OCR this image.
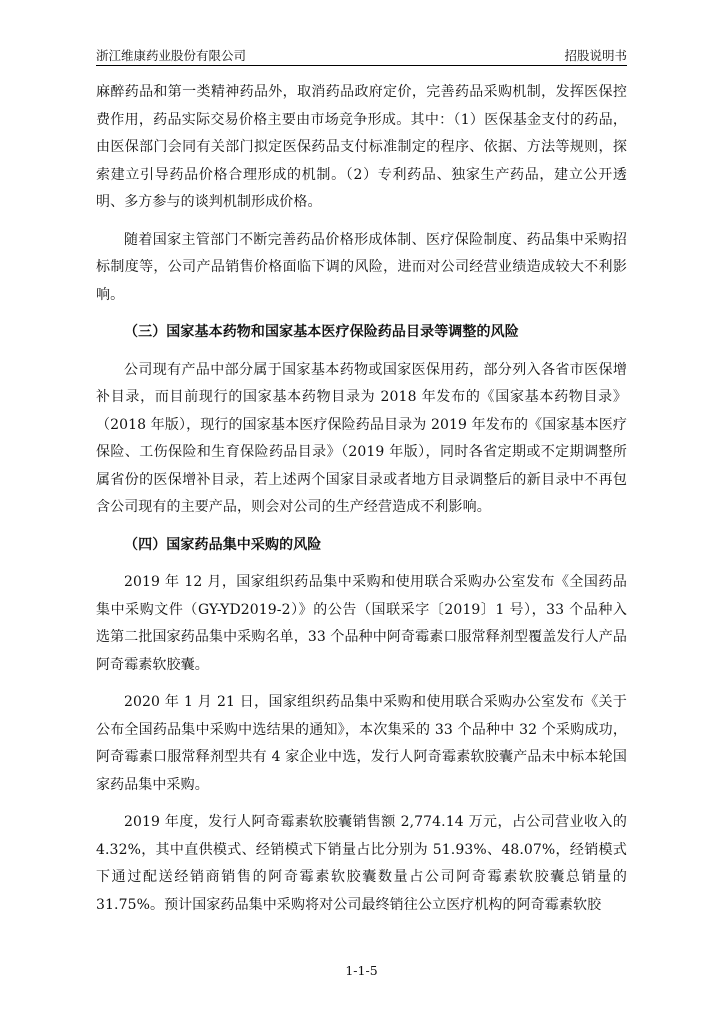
浙江维康药业股份有限公司	招股说明书

麻醉药品和第一类精神药品外，取消药品政府定价，完善药品采购机制，发挥医保控费作用，药品实际交易价格主要由市场竞争形成。其中：（1）医保基金支付的药品，由医保部门会同有关部门拟定医保药品支付标准制定的程序、依据、方法等规则，探索建立引导药品价格合理形成的机制。（2）专利药品、独家生产药品，建立公开透明、多方参与的谈判机制形成价格。

随着国家主管部门不断完善药品价格形成体制、医疗保险制度、药品集中采购招标制度等，公司产品销售价格面临下调的风险，进而对公司经营业绩造成较大不利影响。

（三）国家基本药物和国家基本医疗保险药品目录等调整的风险

公司现有产品中部分属于国家基本药物或国家医保用药，部分列入各省市医保增补目录，而目前现行的国家基本药物目录为 2018 年发布的《国家基本药物目录》（2018 年版），现行的国家基本医疗保险药品目录为 2019 年发布的《国家基本医疗保险、工伤保险和生育保险药品目录》（2019 年版），同时各省定期或不定期调整所属省份的医保增补目录，若上述两个国家目录或者地方目录调整后的新目录中不再包含公司现有的主要产品，则会对公司的生产经营造成不利影响。

（四）国家药品集中采购的风险

2019 年 12 月，国家组织药品集中采购和使用联合采购办公室发布《全国药品集中采购文件（GY-YD2019-2）》的公告（国联采字〔2019〕1 号），33 个品种入选第二批国家药品集中采购名单，33 个品种中阿奇霉素口服常释剂型覆盖发行人产品阿奇霉素软胶囊。

2020 年 1 月 21 日，国家组织药品集中采购和使用联合采购办公室发布《关于公布全国药品集中采购中选结果的通知》，本次集采的 33 个品种中 32 个采购成功，阿奇霉素口服常释剂型共有 4 家企业中选，发行人阿奇霉素软胶囊产品未中标本轮国家药品集中采购。

2019 年度，发行人阿奇霉素软胶囊销售额 2,774.14 万元，占公司营业收入的 4.32%，其中直供模式、经销模式下销量占比分别为 51.93%、48.07%，经销模式下通过配送经销商销售的阿奇霉素软胶囊数量占公司阿奇霉素软胶囊总销量的 31.75%。预计国家药品集中采购将对公司最终销往公立医疗机构的阿奇霉素软胶

1-1-5
